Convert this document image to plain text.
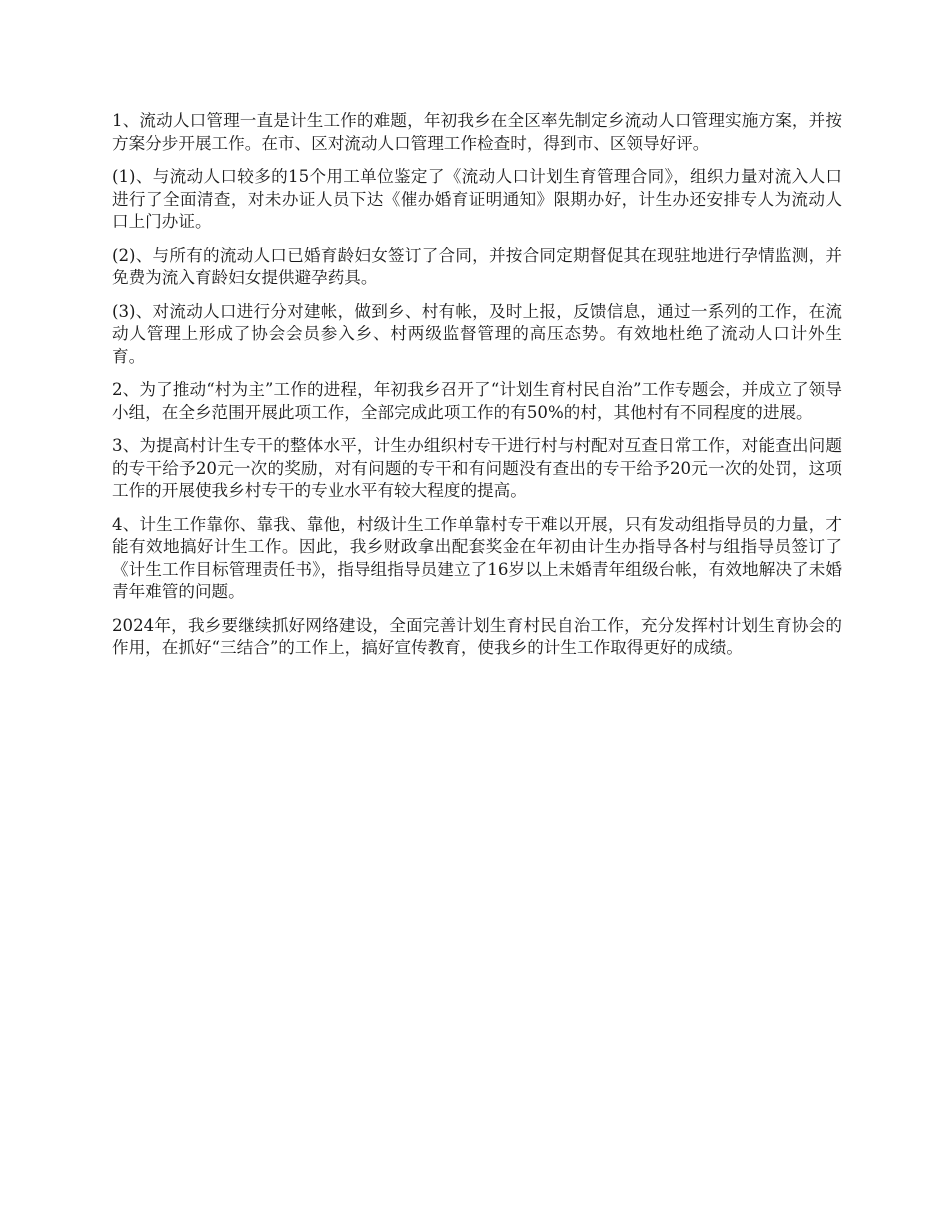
1、流动人口管理一直是计生工作的难题，年初我乡在全区率先制定乡流动人口管理实施方案，并按方案分步开展工作。在市、区对流动人口管理工作检查时，得到市、区领导好评。

(1)、与流动人口较多的15个用工单位鉴定了《流动人口计划生育管理合同》，组织力量对流入人口进行了全面清查，对未办证人员下达《催办婚育证明通知》限期办好，计生办还安排专人为流动人口上门办证。

(2)、与所有的流动人口已婚育龄妇女签订了合同，并按合同定期督促其在现驻地进行孕情监测，并免费为流入育龄妇女提供避孕药具。

(3)、对流动人口进行分对建帐，做到乡、村有帐，及时上报，反馈信息，通过一系列的工作，在流动人管理上形成了协会会员参入乡、村两级监督管理的高压态势。有效地杜绝了流动人口计外生育。

2、为了推动“村为主”工作的进程，年初我乡召开了“计划生育村民自治”工作专题会，并成立了领导小组，在全乡范围开展此项工作，全部完成此项工作的有50%的村，其他村有不同程度的进展。

3、为提高村计生专干的整体水平，计生办组织村专干进行村与村配对互查日常工作，对能查出问题的专干给予20元一次的奖励，对有问题的专干和有问题没有查出的专干给予20元一次的处罚，这项工作的开展使我乡村专干的专业水平有较大程度的提高。

4、计生工作靠你、靠我、靠他，村级计生工作单靠村专干难以开展，只有发动组指导员的力量，才能有效地搞好计生工作。因此，我乡财政拿出配套奖金在年初由计生办指导各村与组指导员签订了《计生工作目标管理责任书》，指导组指导员建立了16岁以上未婚青年组级台帐，有效地解决了未婚青年难管的问题。

2024年，我乡要继续抓好网络建设，全面完善计划生育村民自治工作，充分发挥村计划生育协会的作用，在抓好“三结合”的工作上，搞好宣传教育，使我乡的计生工作取得更好的成绩。
